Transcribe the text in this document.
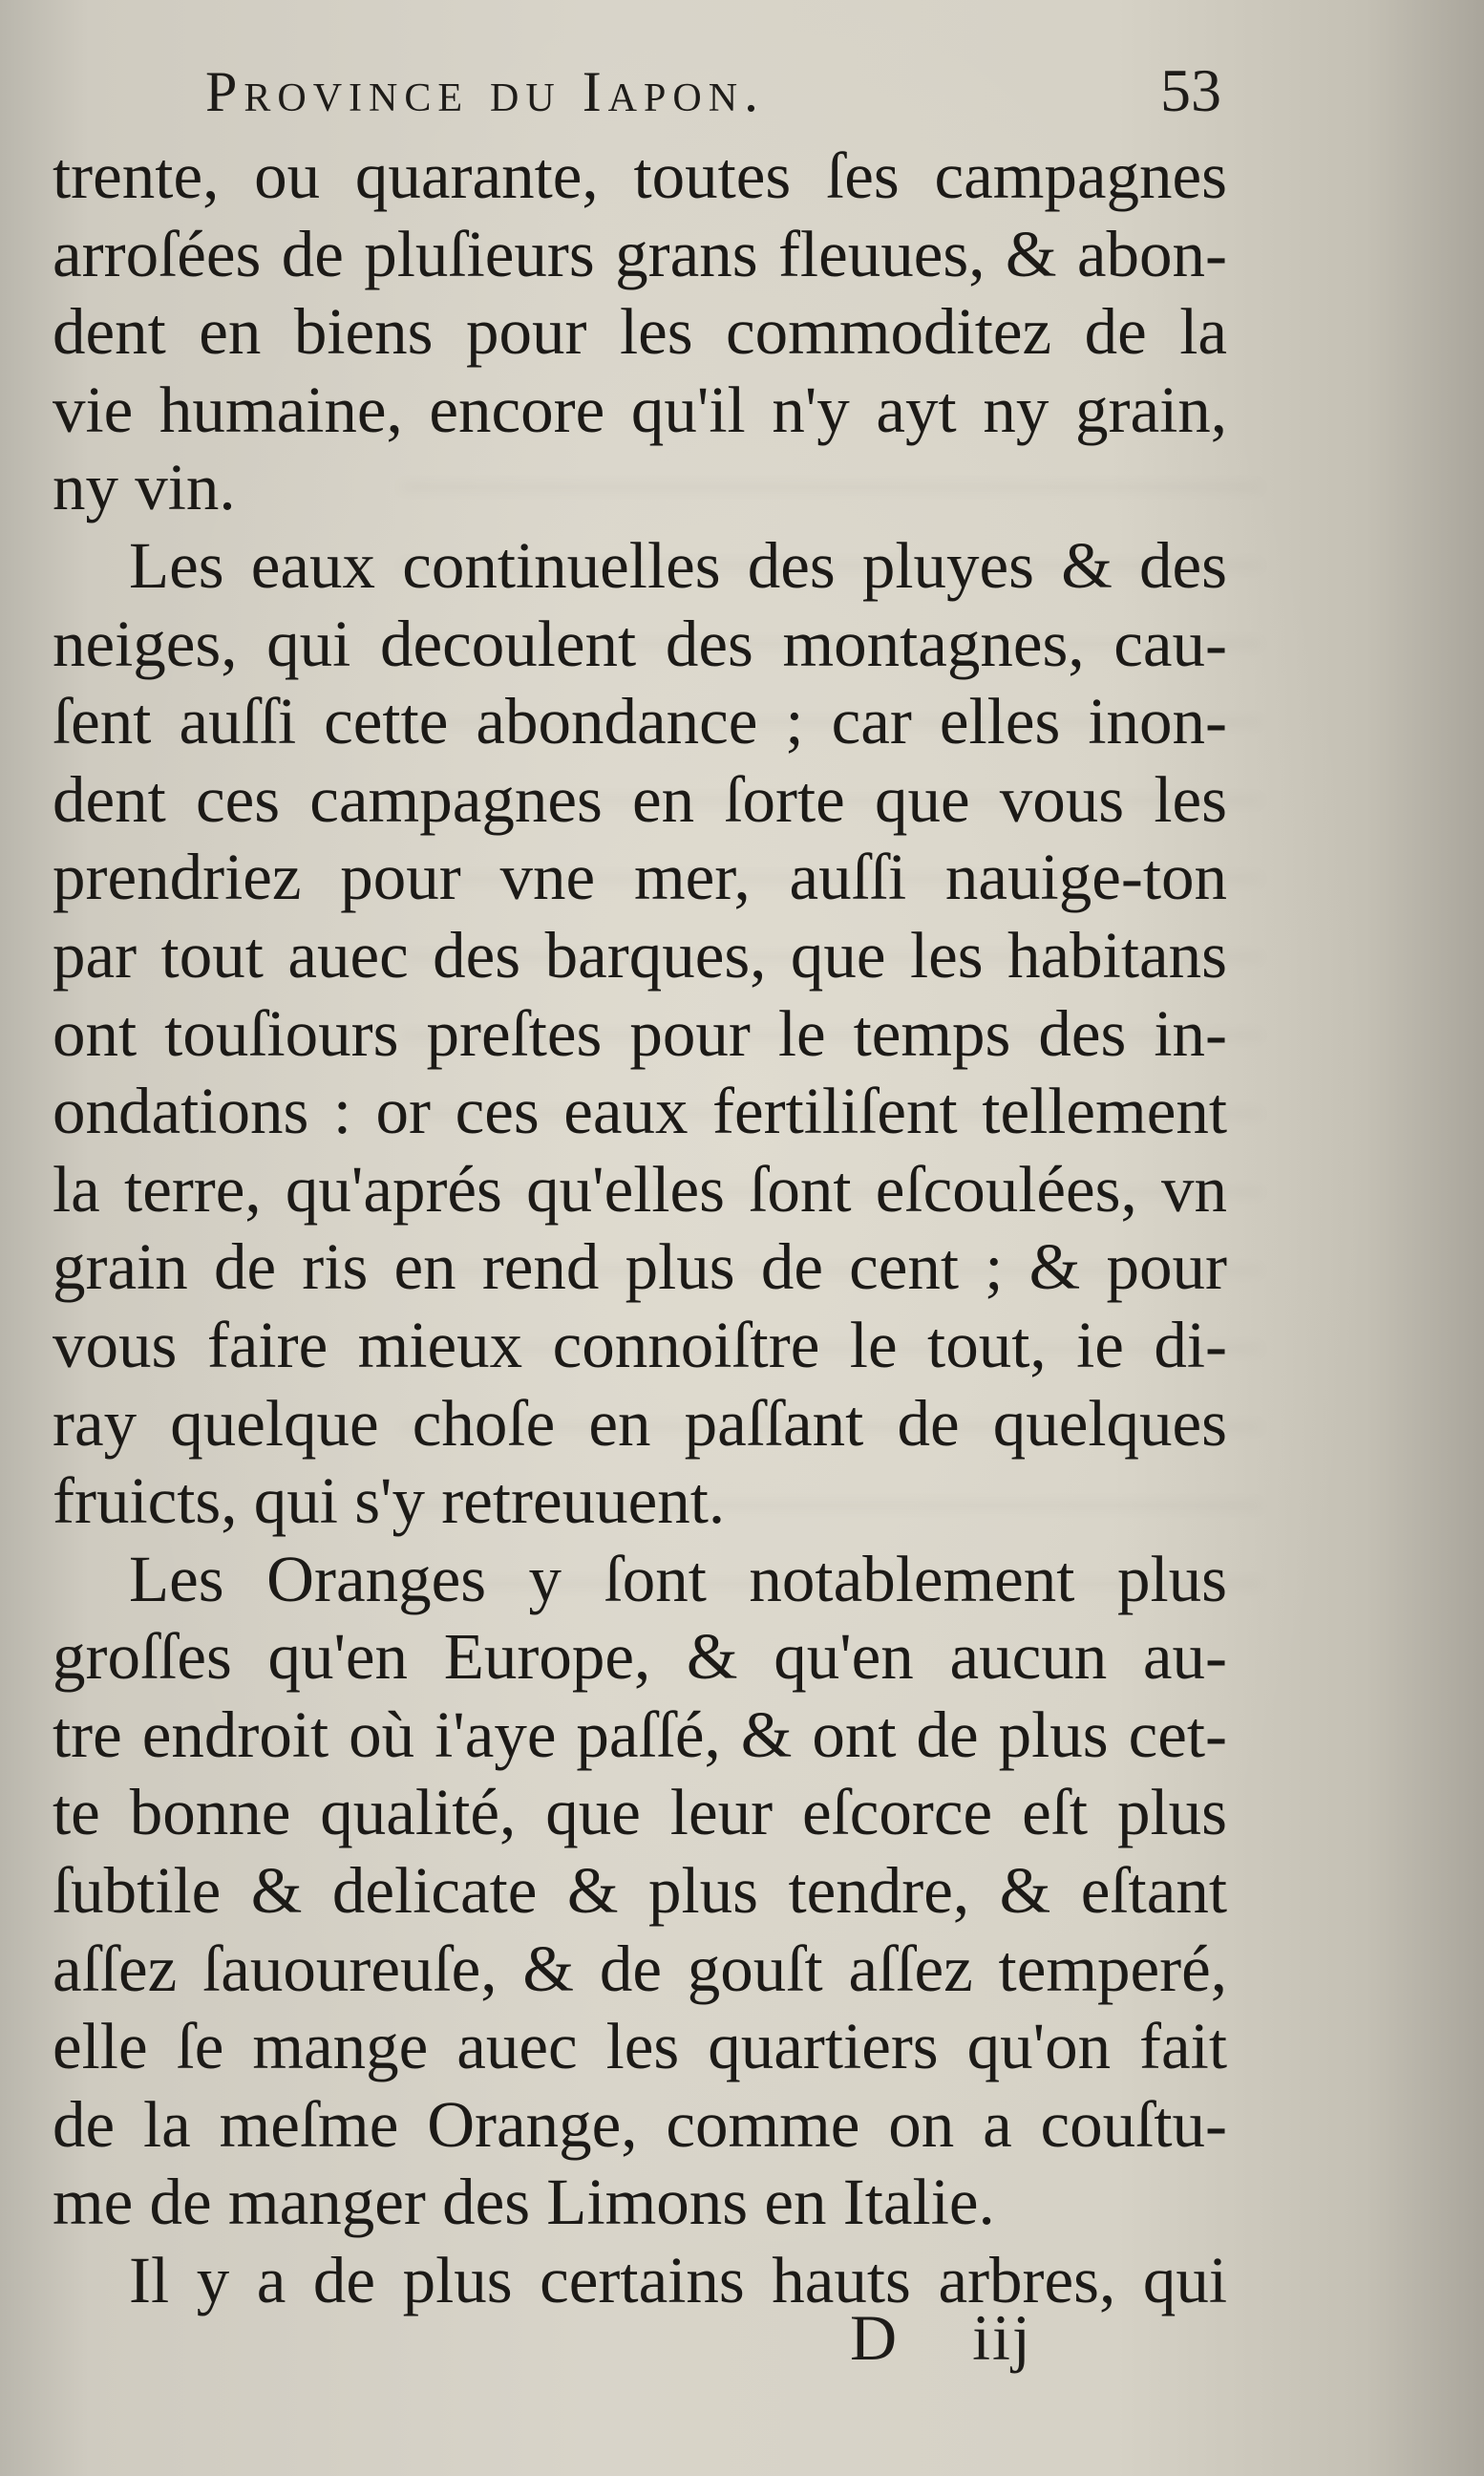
Province du Iapon.	53
trente, ou quarante, toutes ſes campagnes
arroſées de pluſieurs grans fleuues, & abon-
dent en biens pour les commoditez de la
vie humaine, encore qu'il n'y ayt ny grain,
ny vin.
Les eaux continuelles des pluyes & des
neiges, qui decoulent des montagnes, cau-
ſent auſſi cette abondance ; car elles inon-
dent ces campagnes en ſorte que vous les
prendriez pour vne mer, auſſi nauige-ton
par tout auec des barques, que les habitans
ont touſiours preſtes pour le temps des in-
ondations : or ces eaux fertiliſent tellement
la terre, qu'aprés qu'elles ſont eſcoulées, vn
grain de ris en rend plus de cent ; & pour
vous faire mieux connoiſtre le tout, ie di-
ray quelque choſe en paſſant de quelques
fruicts, qui s'y retreuuent.
Les Oranges y ſont notablement plus
groſſes qu'en Europe, & qu'en aucun au-
tre endroit où i'aye paſſé, & ont de plus cet-
te bonne qualité, que leur eſcorce eſt plus
ſubtile & delicate & plus tendre, & eſtant
aſſez ſauoureuſe, & de gouſt aſſez temperé,
elle ſe mange auec les quartiers qu'on fait
de la meſme Orange, comme on a couſtu-
me de manger des Limons en Italie.
Il y a de plus certains hauts arbres, qui
D iij
